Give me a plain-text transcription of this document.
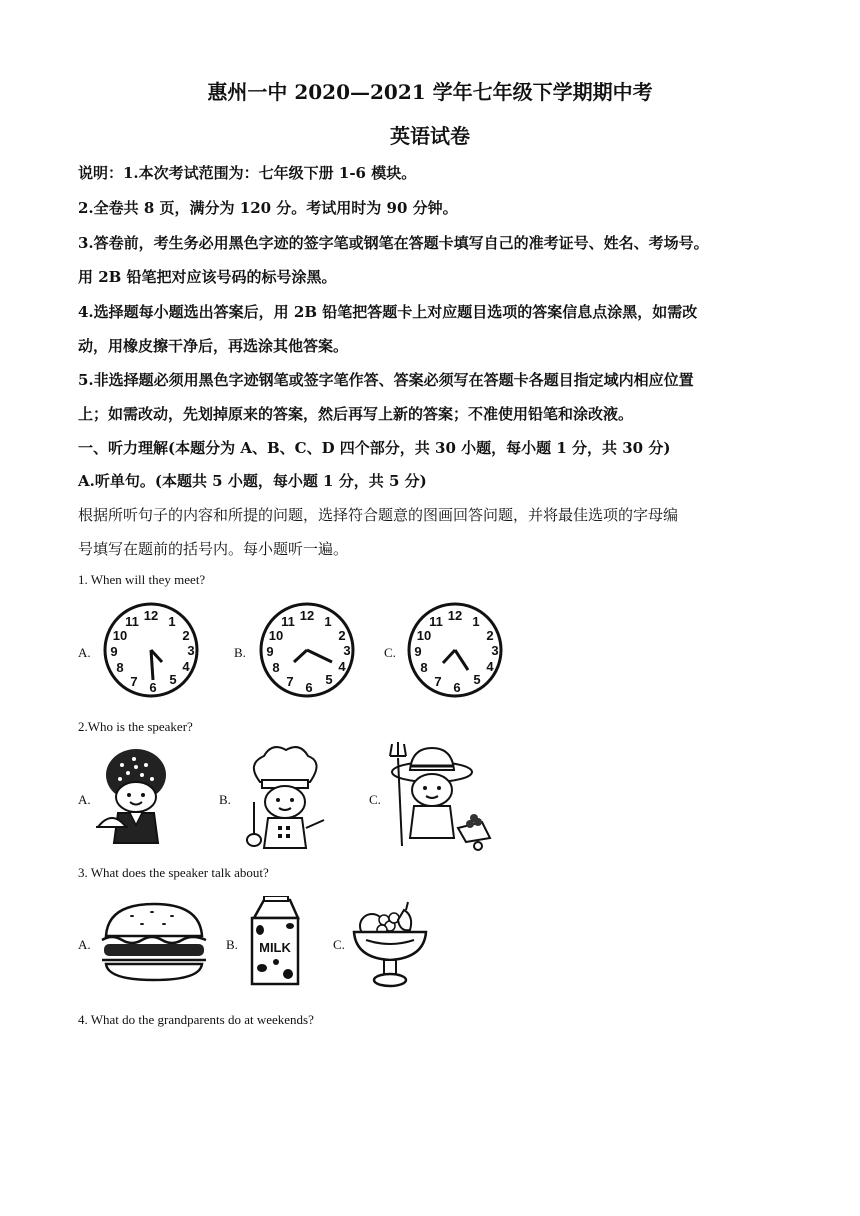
惠州一中 2020—2021 学年七年级下学期期中考
英语试卷
说明：1.本次考试范围为：七年级下册 1-6 模块。
2.全卷共 8 页，满分为 120 分。考试用时为 90 分钟。
3.答卷前，考生务必用黑色字迹的签字笔或钢笔在答题卡填写自己的准考证号、姓名、考场号。
用 2B 铅笔把对应该号码的标号涂黑。
4.选择题每小题选出答案后，用 2B 铅笔把答题卡上对应题目选项的答案信息点涂黑，如需改
动，用橡皮擦干净后，再选涂其他答案。
5.非选择题必须用黑色字迹钢笔或签字笔作答、答案必须写在答题卡各题目指定域内相应位置
上；如需改动，先划掉原来的答案，然后再写上新的答案；不准使用铅笔和涂改液。
一、听力理解(本题分为 A、B、C、D 四个部分，共 30 小题，每小题 1 分，共 30 分)
A.听单句。(本题共 5 小题，每小题 1 分，共 5 分)
根据所听句子的内容和所提的问题，选择符合题意的图画回答问题，并将最佳选项的字母编
号填写在题前的括号内。每小题听一遍。
1. When will they meet?
A.	B.	C.
12 1
2
3
4
5
6
7
8
9
10
11	12 1
2
3
4
5
6
7
8
9
10
11	12 1
2
3
4
5
6
7
8
9
10
11
2.Who is the speaker?
A.	B.	C.
3. What does the speaker talk about?
A.	B.	C.
MILK
4. What do the grandparents do at weekends?
